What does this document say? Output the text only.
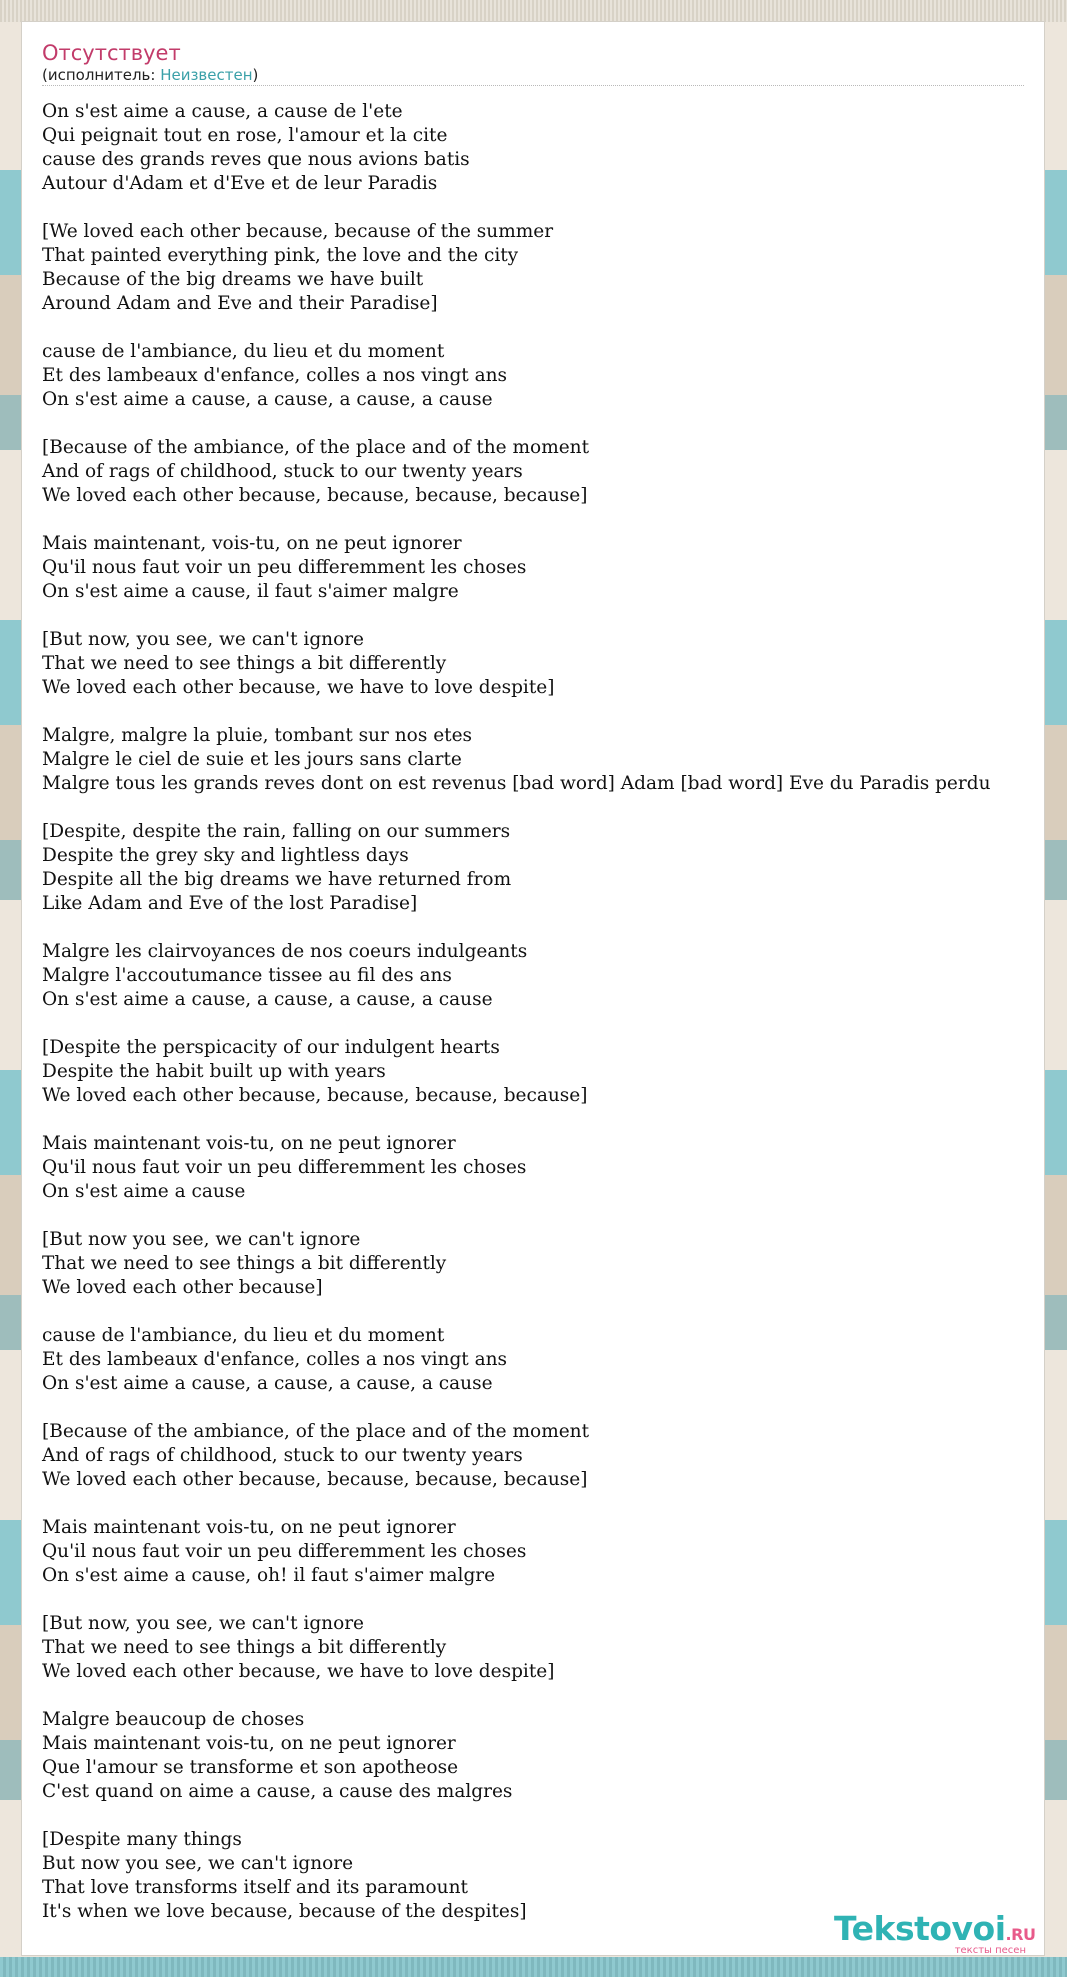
Отсутствует
(исполнитель: Неизвестен)
On s'est aime a cause, a cause de l'ete
Qui peignait tout en rose, l'amour et la cite
cause des grands reves que nous avions batis
Autour d'Adam et d'Eve et de leur Paradis
[We loved each other because, because of the summer
That painted everything pink, the love and the city
Because of the big dreams we have built
Around Adam and Eve and their Paradise]
cause de l'ambiance, du lieu et du moment
Et des lambeaux d'enfance, colles a nos vingt ans
On s'est aime a cause, a cause, a cause, a cause
[Because of the ambiance, of the place and of the moment
And of rags of childhood, stuck to our twenty years
We loved each other because, because, because, because]
Mais maintenant, vois-tu, on ne peut ignorer
Qu'il nous faut voir un peu differemment les choses
On s'est aime a cause, il faut s'aimer malgre
[But now, you see, we can't ignore
That we need to see things a bit differently
We loved each other because, we have to love despite]
Malgre, malgre la pluie, tombant sur nos etes
Malgre le ciel de suie et les jours sans clarte
Malgre tous les grands reves dont on est revenus [bad word] Adam [bad word] Eve du Paradis perdu
[Despite, despite the rain, falling on our summers
Despite the grey sky and lightless days
Despite all the big dreams we have returned from
Like Adam and Eve of the lost Paradise]
Malgre les clairvoyances de nos coeurs indulgeants
Malgre l'accoutumance tissee au fil des ans
On s'est aime a cause, a cause, a cause, a cause
[Despite the perspicacity of our indulgent hearts
Despite the habit built up with years
We loved each other because, because, because, because]
Mais maintenant vois-tu, on ne peut ignorer
Qu'il nous faut voir un peu differemment les choses
On s'est aime a cause
[But now you see, we can't ignore
That we need to see things a bit differently
We loved each other because]
cause de l'ambiance, du lieu et du moment
Et des lambeaux d'enfance, colles a nos vingt ans
On s'est aime a cause, a cause, a cause, a cause
[Because of the ambiance, of the place and of the moment
And of rags of childhood, stuck to our twenty years
We loved each other because, because, because, because]
Mais maintenant vois-tu, on ne peut ignorer
Qu'il nous faut voir un peu differemment les choses
On s'est aime a cause, oh! il faut s'aimer malgre
[But now, you see, we can't ignore
That we need to see things a bit differently
We loved each other because, we have to love despite]
Malgre beaucoup de choses
Mais maintenant vois-tu, on ne peut ignorer
Que l'amour se transforme et son apotheose
C'est quand on aime a cause, a cause des malgres
[Despite many things
But now you see, we can't ignore
That love transforms itself and its paramount
It's when we love because, because of the despites]	Tekstovoi.RU
тексты песен
